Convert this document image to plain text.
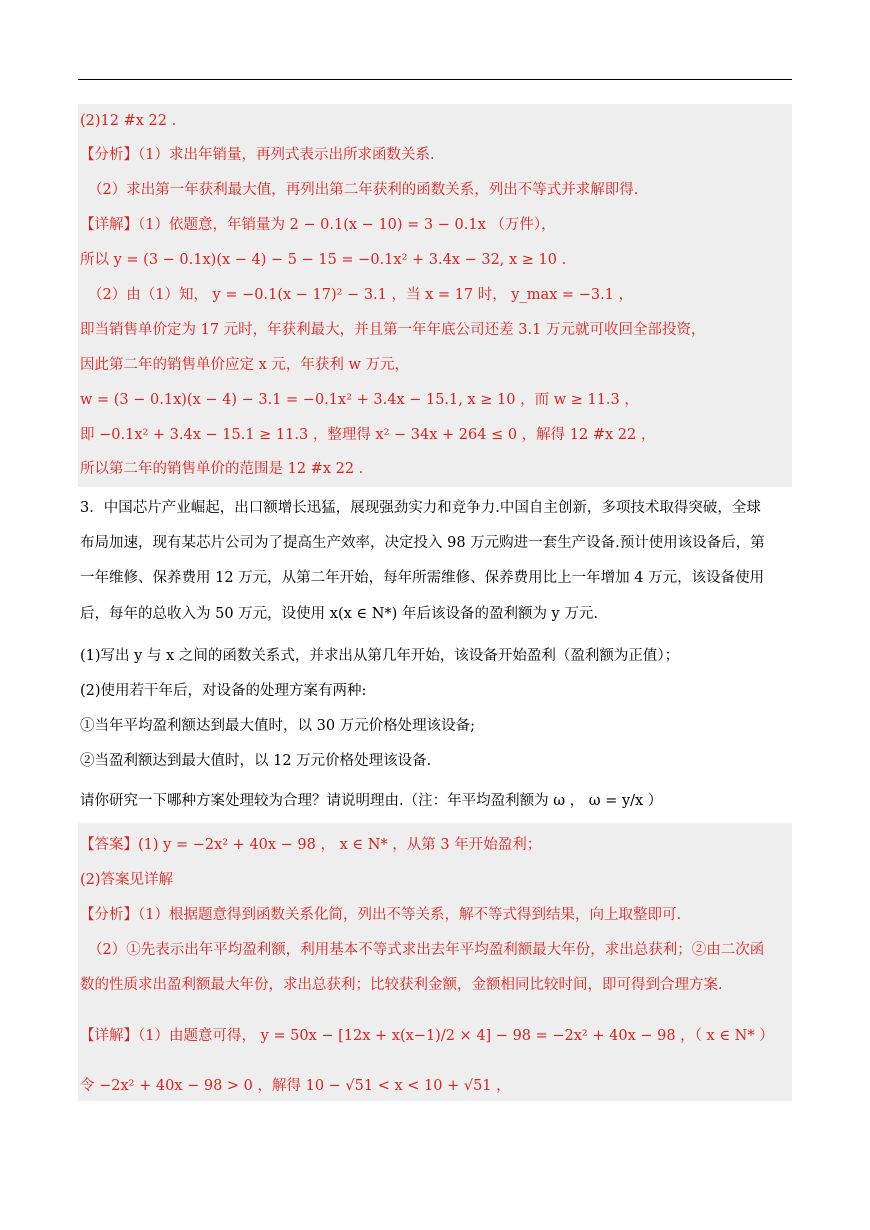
(2)12 #x 22 .
【分析】（1）求出年销量，再列式表示出所求函数关系.
（2）求出第一年获利最大值，再列出第二年获利的函数关系，列出不等式并求解即得.
【详解】（1）依题意，年销量为 2 − 0.1(x − 10) = 3 − 0.1x （万件），
所以 y = (3 − 0.1x)(x − 4) − 5 − 15 = −0.1x² + 3.4x − 32, x ≥ 10 .
（2）由（1）知， y = −0.1(x − 17)² − 3.1 ，当 x = 17 时， y_max = −3.1 ，
即当销售单价定为 17 元时，年获利最大，并且第一年年底公司还差 3.1 万元就可收回全部投资，
因此第二年的销售单价应定 x 元，年获利 w 万元，
w = (3 − 0.1x)(x − 4) − 3.1 = −0.1x² + 3.4x − 15.1, x ≥ 10 ，而 w ≥ 11.3 ，
即 −0.1x² + 3.4x − 15.1 ≥ 11.3 ，整理得 x² − 34x + 264 ≤ 0 ，解得 12 #x 22 ，
所以第二年的销售单价的范围是 12 #x 22 .
3．中国芯片产业崛起，出口额增长迅猛，展现强劲实力和竞争力.中国自主创新，多项技术取得突破，全球
布局加速，现有某芯片公司为了提高生产效率，决定投入 98 万元购进一套生产设备.预计使用该设备后，第
一年维修、保养费用 12 万元，从第二年开始，每年所需维修、保养费用比上一年增加 4 万元，该设备使用
后，每年的总收入为 50 万元，设使用 x(x ∈ N*) 年后该设备的盈利额为 y 万元.
(1)写出 y 与 x 之间的函数关系式，并求出从第几年开始，该设备开始盈利（盈利额为正值）；
(2)使用若干年后，对设备的处理方案有两种:
①当年平均盈利额达到最大值时，以 30 万元价格处理该设备;
②当盈利额达到最大值时，以 12 万元价格处理该设备.
请你研究一下哪种方案处理较为合理？请说明理由.（注：年平均盈利额为 ω ， ω = y/x ）
【答案】(1) y = −2x² + 40x − 98 ， x ∈ N* ，从第 3 年开始盈利；
(2)答案见详解
【分析】（1）根据题意得到函数关系化简，列出不等关系，解不等式得到结果，向上取整即可.
（2）①先表示出年平均盈利额，利用基本不等式求出去年平均盈利额最大年份，求出总获利；②由二次函
数的性质求出盈利额最大年份，求出总获利；比较获利金额，金额相同比较时间，即可得到合理方案.
【详解】（1）由题意可得， y = 50x − [12x + x(x−1)/2 × 4] − 98 = −2x² + 40x − 98 ，（ x ∈ N* ）
令 −2x² + 40x − 98 > 0 ，解得 10 − √51 < x < 10 + √51 ，
